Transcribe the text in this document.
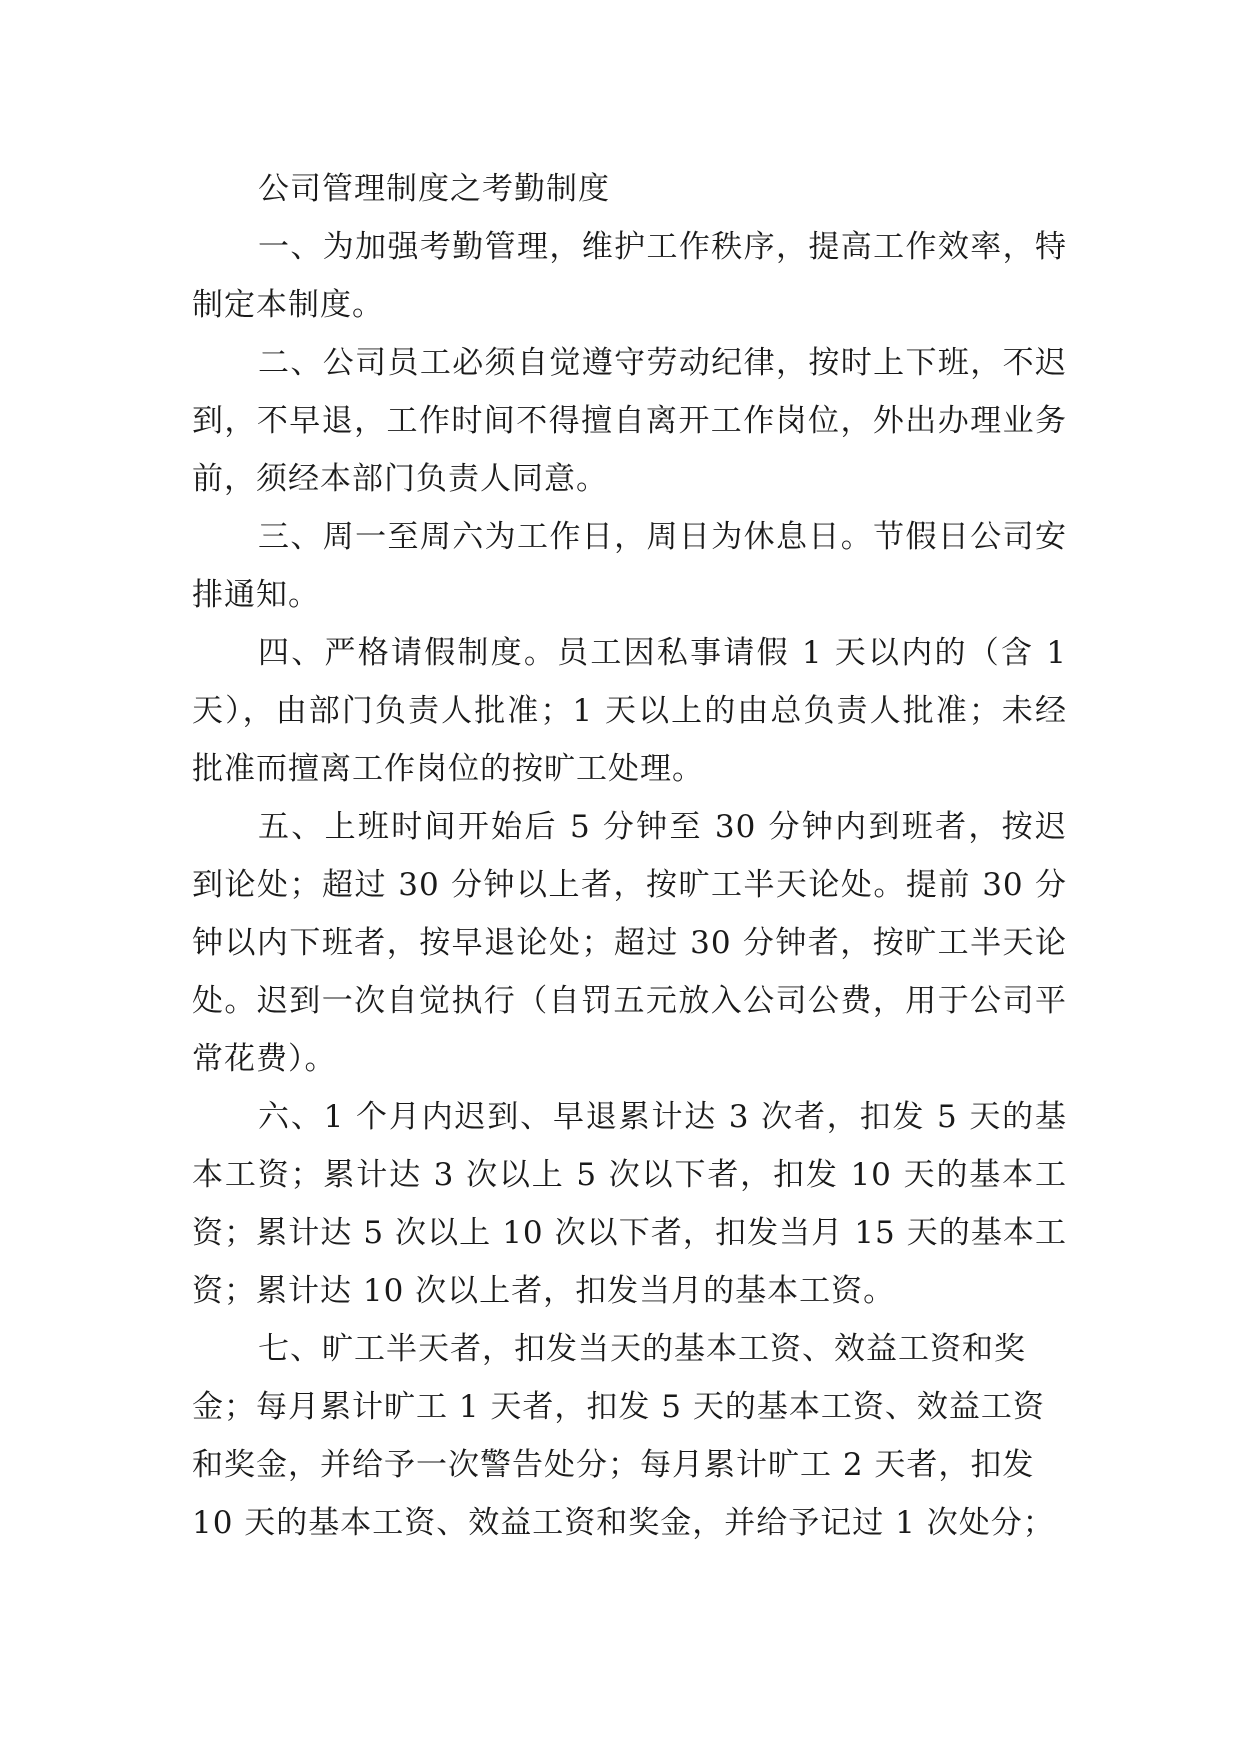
公司管理制度之考勤制度

一、为加强考勤管理，维护工作秩序，提高工作效率，特制定本制度。

二、公司员工必须自觉遵守劳动纪律，按时上下班，不迟到，不早退，工作时间不得擅自离开工作岗位，外出办理业务前，须经本部门负责人同意。

三、周一至周六为工作日，周日为休息日。节假日公司安排通知。

四、严格请假制度。员工因私事请假 1 天以内的（含 1 天），由部门负责人批准；1 天以上的由总负责人批准；未经批准而擅离工作岗位的按旷工处理。

五、上班时间开始后 5 分钟至 30 分钟内到班者，按迟到论处；超过 30 分钟以上者，按旷工半天论处。提前 30 分钟以内下班者，按早退论处；超过 30 分钟者，按旷工半天论处。迟到一次自觉执行（自罚五元放入公司公费，用于公司平常花费）。

六、1 个月内迟到、早退累计达 3 次者，扣发 5 天的基本工资；累计达 3 次以上 5 次以下者，扣发 10 天的基本工资；累计达 5 次以上 10 次以下者，扣发当月 15 天的基本工资；累计达 10 次以上者，扣发当月的基本工资。

七、旷工半天者，扣发当天的基本工资、效益工资和奖
金；每月累计旷工 1 天者，扣发 5 天的基本工资、效益工资
和奖金，并给予一次警告处分；每月累计旷工 2 天者，扣发
10 天的基本工资、效益工资和奖金，并给予记过 1 次处分；
